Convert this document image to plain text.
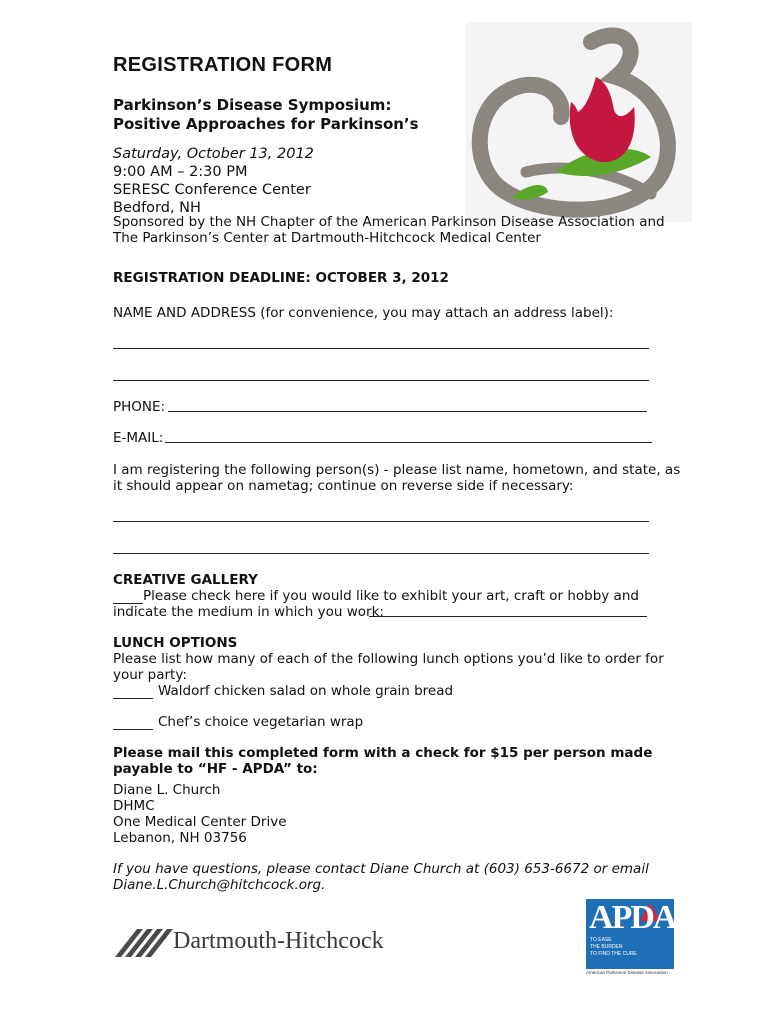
REGISTRATION FORM
Parkinson’s Disease Symposium:
Positive Approaches for Parkinson’s
Saturday, October 13, 2012
9:00 AM – 2:30 PM
SERESC Conference Center
Bedford, NH
Sponsored by the NH Chapter of the American Parkinson Disease Association and
The Parkinson’s Center at Dartmouth-Hitchcock Medical Center
REGISTRATION DEADLINE: OCTOBER 3, 2012
NAME AND ADDRESS (for convenience, you may attach an address label):
PHONE:
E-MAIL:
I am registering the following person(s) - please list name, hometown, and state, as
it should appear on nametag; continue on reverse side if necessary:
CREATIVE GALLERY
Please check here if you would like to exhibit your art, craft or hobby and
indicate the medium in which you work:
LUNCH OPTIONS
Please list how many of each of the following lunch options you’d like to order for
your party:
Waldorf chicken salad on whole grain bread
Chef’s choice vegetarian wrap
Please mail this completed form with a check for $15 per person made
payable to “HF - APDA” to:
Diane L. Church
DHMC
One Medical Center Drive
Lebanon, NH 03756
If you have questions, please contact Diane Church at (603) 653-6672 or email
Diane.L.Church@hitchcock.org.
Dartmouth-Hitchcock
APDA
TO EASE
THE BURDEN
TO FIND THE CURE
American Parkinson Disease Association
